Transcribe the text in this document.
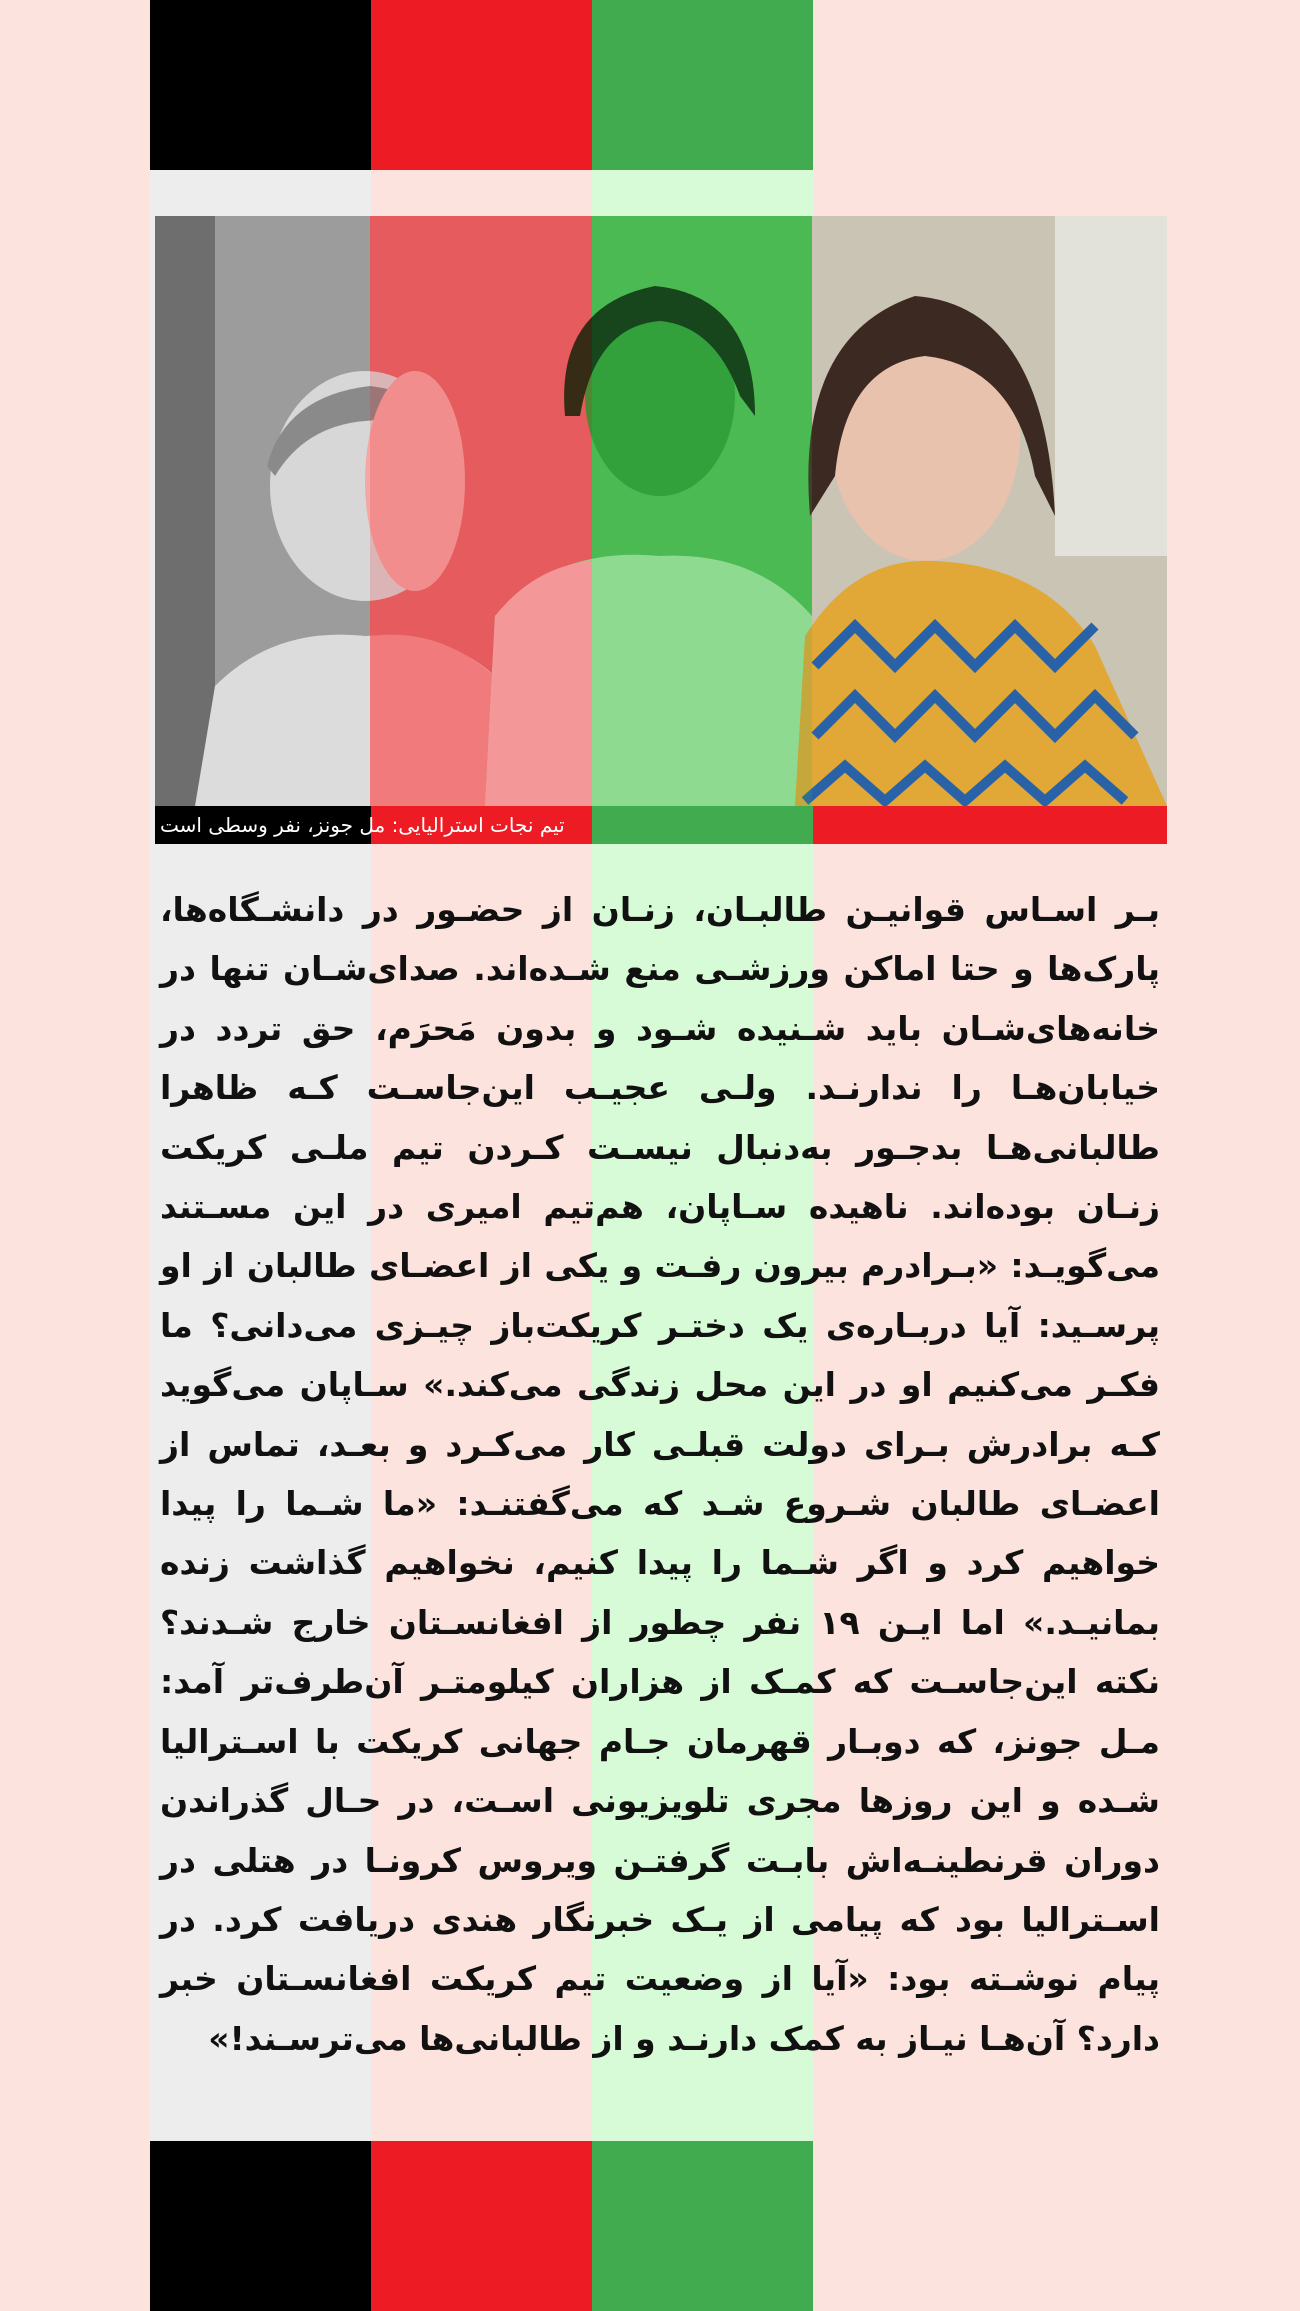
تیم نجات استرالیایی: مل جونز، نفر وسطی است

بـر اسـاس قوانیـن طالبـان، زنـان از حضـور در دانشـگاه‌ها، پارک‌ها و حتا اماکن ورزشـی منع شـده‌اند. صدای‌شـان تنها در خانه‌های‌شـان باید شـنیده شـود و بدون مَحرَم، حق تردد در خیابان‌هـا را ندارنـد. ولـی عجیـب این‌جاسـت کـه ظاهرا طالبانی‌هـا بدجـور به‌دنبال نیسـت کـردن تیم ملـی کریکت زنـان بوده‌اند. ناهیده سـاپان، هم‌تیم امیری در این مسـتند می‌گویـد: «بـرادرم بیرون رفـت و یکی از اعضـای طالبان از او پرسـید: آیا دربـاره‌ی یک دختـر کریکت‌باز چیـزی می‌دانی؟ ما فکـر می‌کنیم او در این محل زندگی می‌کند.» سـاپان می‌گوید کـه برادرش بـرای دولت قبلـی کار می‌کـرد و بعـد، تماس از اعضـای طالبان شـروع شـد که می‌گفتنـد: «ما شـما را پیدا خواهیم کرد و اگر شـما را پیدا کنیم، نخواهیم گذاشت زنده بمانیـد.» اما ایـن ۱۹ نفر چطور از افغانسـتان خارج شـدند؟ نکته این‌جاسـت که کمـک از هزاران کیلومتـر آن‌طرف‌تر آمد: مـل جونز، که دوبـار قهرمان جـام جهانی کریکت با اسـترالیا شـده و این روزها مجری تلویزیونی اسـت، در حـال گذراندن دوران قرنطینـه‌اش بابـت گرفتـن ویروس کرونـا در هتلی در اسـترالیا بود که پیامی از یـک خبرنگار هندی دریافت کرد. در پیام نوشـته بود: «آیا از وضعیت تیم کریکت افغانسـتان خبر دارد؟ آن‌هـا نیـاز به کمک دارنـد و از طالبانی‌ها می‌ترسـند!»
